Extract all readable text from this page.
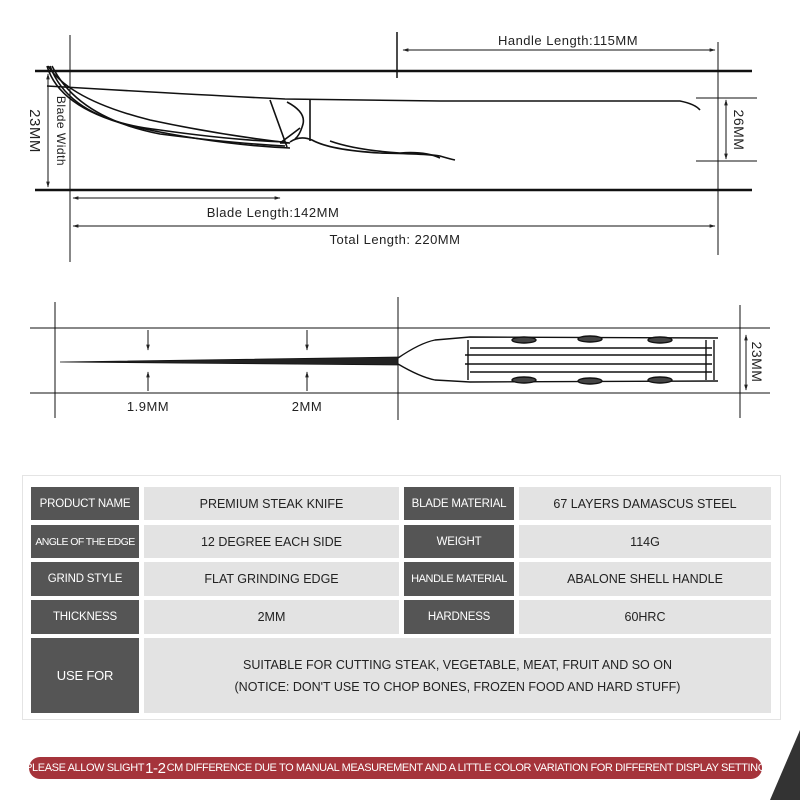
Handle Length:115MM
Blade Length:142MM
Total Length: 220MM
Blade Width
23MM	26MM
1.9MM	2MM
23MM
PRODUCT NAME	PREMIUM STEAK KNIFE	BLADE MATERIAL	67 LAYERS DAMASCUS STEEL
ANGLE OF THE EDGE	12 DEGREE EACH SIDE	WEIGHT	114G
GRIND STYLE	FLAT GRINDING EDGE	HANDLE MATERIAL	ABALONE SHELL HANDLE
THICKNESS	2MM	HARDNESS	60HRC
USE FOR
SUITABLE FOR CUTTING STEAK, VEGETABLE, MEAT, FRUIT AND SO ON
(NOTICE: DON'T USE TO CHOP BONES, FROZEN FOOD AND HARD STUFF)
PLEASE ALLOW SLIGHT 1-2 CM DIFFERENCE DUE TO MANUAL MEASUREMENT AND A LITTLE COLOR VARIATION FOR DIFFERENT DISPLAY SETTING
